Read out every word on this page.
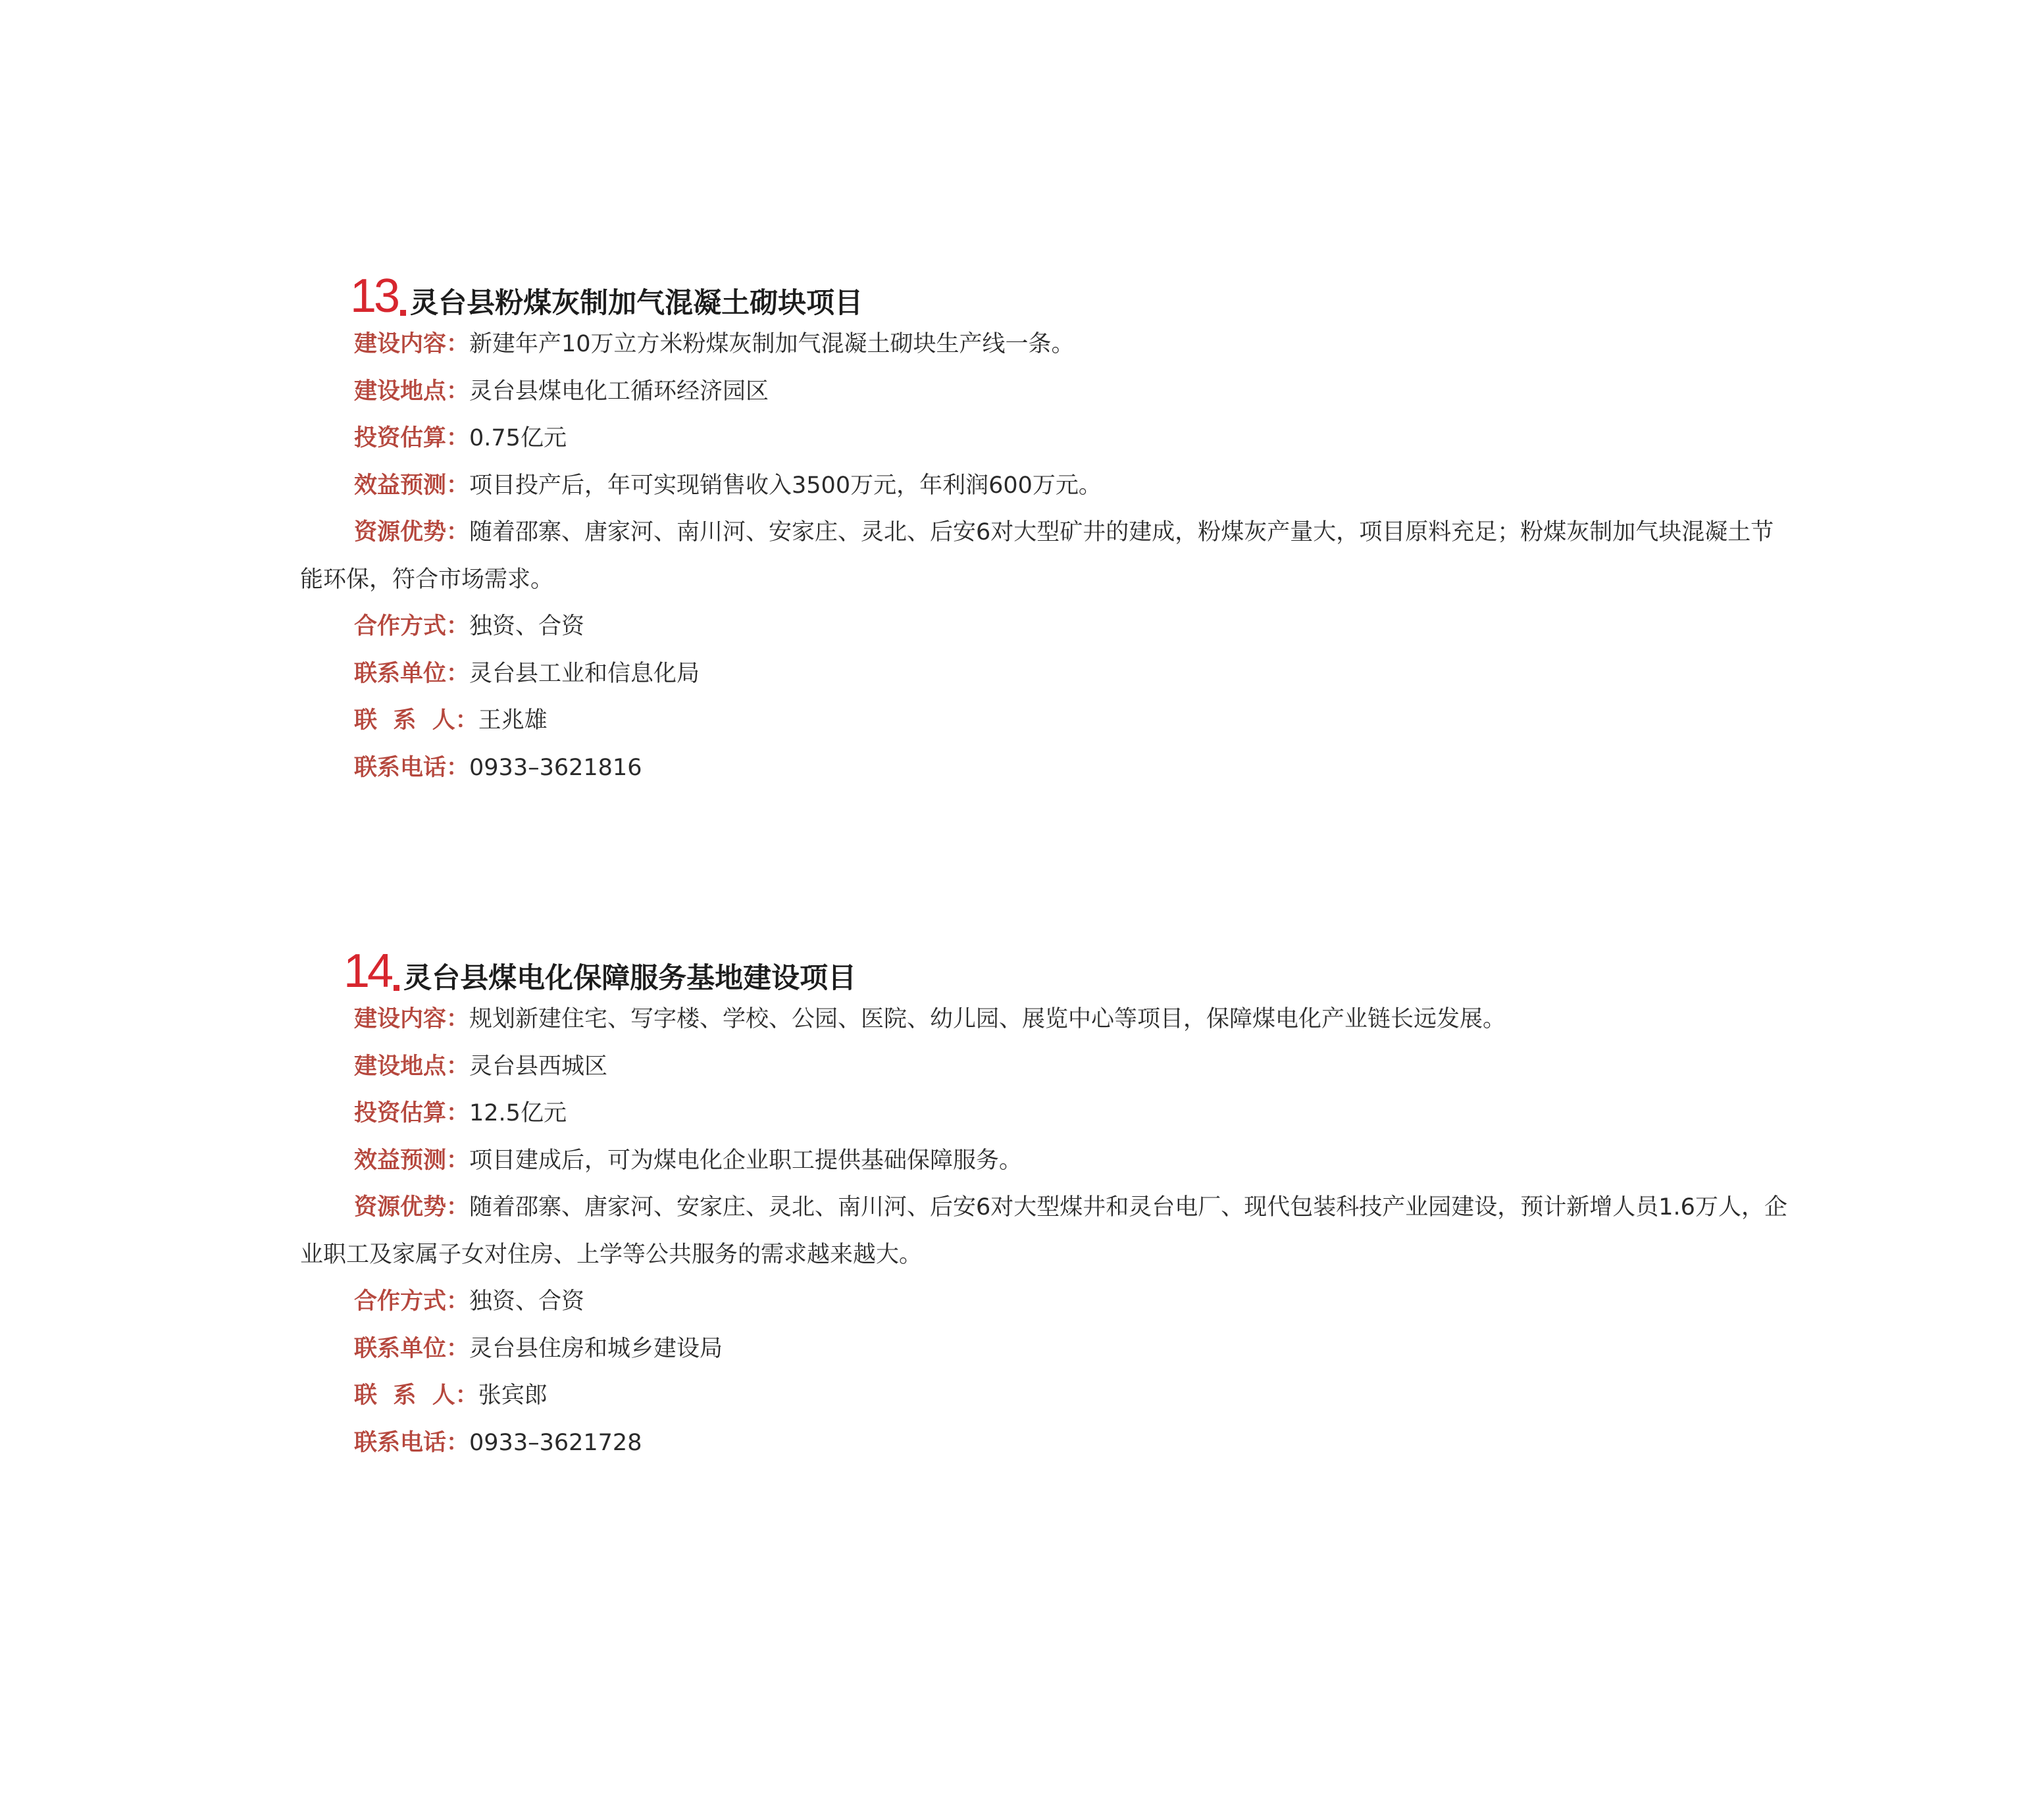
13 灵台县粉煤灰制加气混凝土砌块项目
建设内容：新建年产10万立方米粉煤灰制加气混凝土砌块生产线一条。
建设地点：灵台县煤电化工循环经济园区
投资估算：0.75亿元
效益预测：项目投产后，年可实现销售收入3500万元，年利润600万元。
资源优势：随着邵寨、唐家河、南川河、安家庄、灵北、后安6对大型矿井的建成，粉煤灰产量大，项目原料充足；粉煤灰制加气块混凝土节能环保，符合市场需求。
合作方式：独资、合资
联系单位：灵台县工业和信息化局
联  系  人：王兆雄
联系电话：0933–3621816
14 灵台县煤电化保障服务基地建设项目
建设内容：规划新建住宅、写字楼、学校、公园、医院、幼儿园、展览中心等项目，保障煤电化产业链长远发展。
建设地点：灵台县西城区
投资估算：12.5亿元
效益预测：项目建成后，可为煤电化企业职工提供基础保障服务。
资源优势：随着邵寨、唐家河、安家庄、灵北、南川河、后安6对大型煤井和灵台电厂、现代包装科技产业园建设，预计新增人员1.6万人，企业职工及家属子女对住房、上学等公共服务的需求越来越大。
合作方式：独资、合资
联系单位：灵台县住房和城乡建设局
联  系  人：张宾郎
联系电话：0933–3621728
